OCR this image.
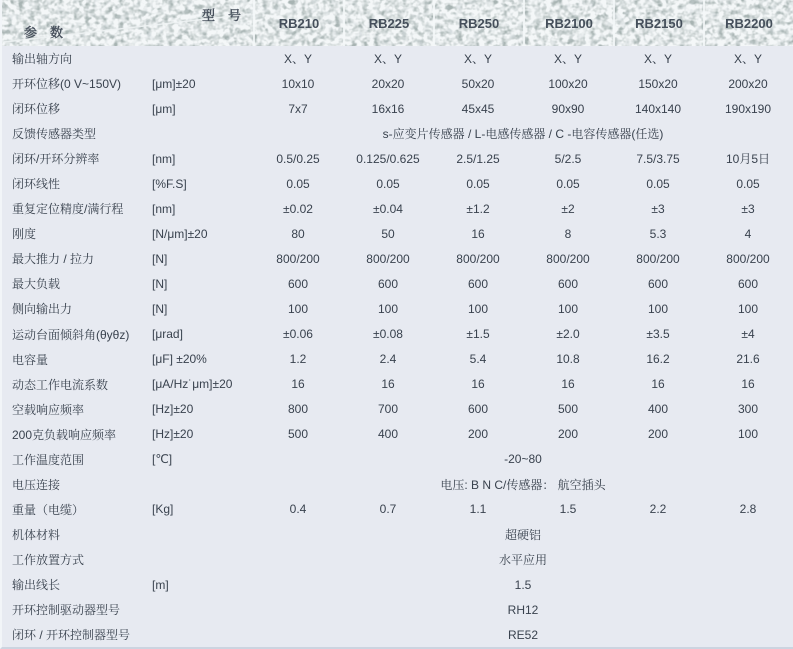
型　号
参　数
RB210	RB225	RB250	RB2100	RB2150	RB2200
输出轴方向	X、Y	X、Y	X、Y	X、Y	X、Y	X、Y
开环位移(0 V~150V)	[μm]±20	10x10	20x20	50x20	100x20	150x20	200x20
闭环位移	[μm]	7x7	16x16	45x45	90x90	140x140	190x190
反馈传感器类型	s-应变片传感器 / L-电感传感器 / C -电容传感器(任选)
闭环/开环分辨率	[nm]	0.5/0.25	0.125/0.625	2.5/1.25	5/2.5	7.5/3.75	10月5日
闭环线性	[%F.S]	0.05	0.05	0.05	0.05	0.05	0.05
重复定位精度/满行程	[nm]	±0.02	±0.04	±1.2	±2	±3	±3
刚度	[N/μm]±20	80	50	16	8	5.3	4
最大推力 / 拉力	[N]	800/200	800/200	800/200	800/200	800/200	800/200
最大负载	[N]	600	600	600	600	600	600
侧向输出力	[N]	100	100	100	100	100	100
运动台面倾斜角(θyθz)	[μrad]	±0.06	±0.08	±1.5	±2.0	±3.5	±4
电容量	[μF] ±20%	1.2	2.4	5.4	10.8	16.2	21.6
动态工作电流系数	[μA/Hz˙μm]±20	16	16	16	16	16	16
空载响应频率	[Hz]±20	800	700	600	500	400	300
200克负载响应频率	[Hz]±20	500	400	200	200	200	100
工作温度范围	[℃]	-20~80
电压连接	电压: B N C/传感器： 航空插头
重量（电缆）	[Kg]	0.4	0.7	1.1	1.5	2.2	2.8
机体材料	超硬铝
工作放置方式	水平应用
输出线长	[m]	1.5
开环控制驱动器型号	RH12
闭环 / 开环控制器型号	RE52
